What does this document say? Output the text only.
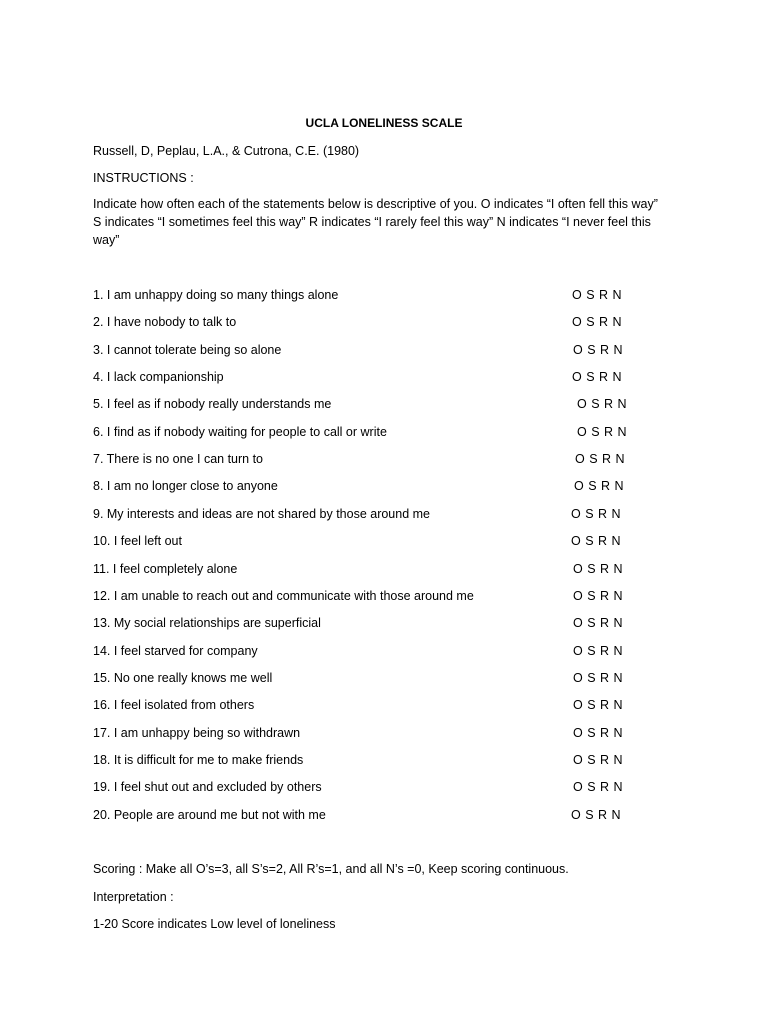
UCLA LONELINESS SCALE

Russell, D, Peplau, L.A., & Cutrona, C.E. (1980)

INSTRUCTIONS :

Indicate how often each of the statements below is descriptive of you. O indicates “I often fell this way” S indicates “I sometimes feel this way” R indicates “I rarely feel this way” N indicates “I never feel this way”

1. I am unhappy doing so many things alone	O S R N
2. I have nobody to talk to	O S R N
3. I cannot tolerate being so alone	O S R N
4. I lack companionship	O S R N
5. I feel as if nobody really understands me	O S R N
6. I find as if nobody waiting for people to call or write	O S R N
7. There is no one I can turn to	O S R N
8. I am no longer close to anyone	O S R N
9. My interests and ideas are not shared by those around me	O S R N
10. I feel left out	O S R N
11. I feel completely alone	O S R N
12. I am unable to reach out and communicate with those around me	O S R N
13. My social relationships are superficial	O S R N
14. I feel starved for company	O S R N
15. No one really knows me well	O S R N
16. I feel isolated from others	O S R N
17. I am unhappy being so withdrawn	O S R N
18. It is difficult for me to make friends	O S R N
19. I feel shut out and excluded by others	O S R N
20. People are around me but not with me	O S R N

Scoring : Make all O’s=3, all S’s=2, All R’s=1, and all N’s =0, Keep scoring continuous.

Interpretation :

1-20 Score indicates Low level of loneliness
